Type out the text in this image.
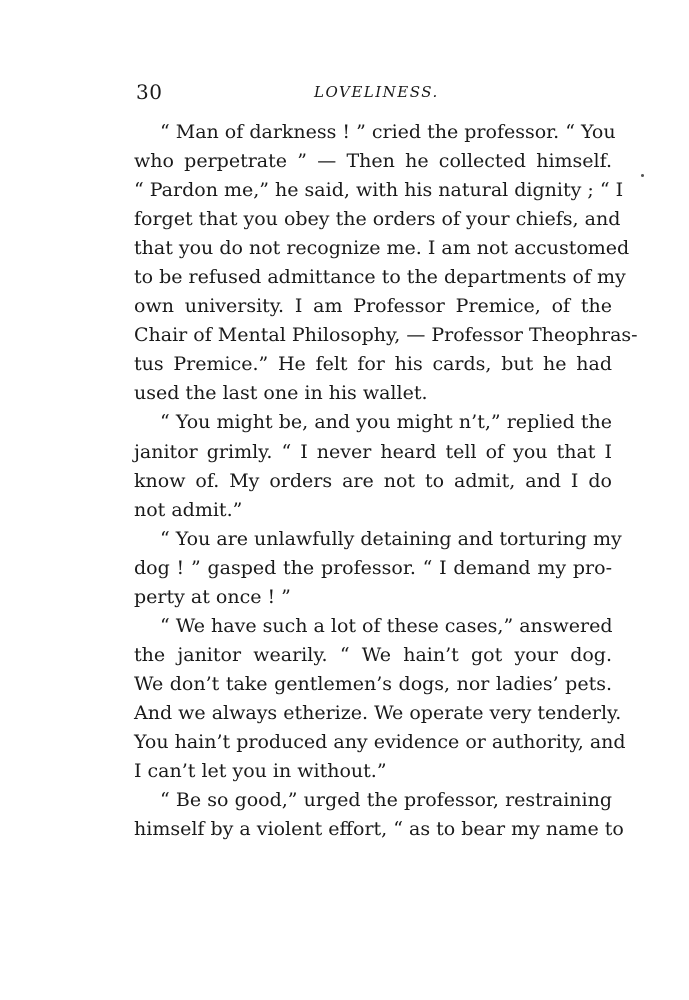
30	LOVELINESS.
“ Man of darkness ! ” cried the professor. “ You
who perpetrate ” — Then he collected himself.
“ Pardon me,” he said, with his natural dignity ; “ I
forget that you obey the orders of your chiefs, and
that you do not recognize me. I am not accustomed
to be refused admittance to the departments of my
own university. I am Professor Premice, of the
Chair of Mental Philosophy, — Professor Theophras-
tus Premice.” He felt for his cards, but he had
used the last one in his wallet.
“ You might be, and you might n’t,” replied the
janitor grimly. “ I never heard tell of you that I
know of. My orders are not to admit, and I do
not admit.”
“ You are unlawfully detaining and torturing my
dog ! ” gasped the professor. “ I demand my pro-
perty at once ! ”
“ We have such a lot of these cases,” answered
the janitor wearily. “ We hain’t got your dog.
We don’t take gentlemen’s dogs, nor ladies’ pets.
And we always etherize. We operate very tenderly.
You hain’t produced any evidence or authority, and
I can’t let you in without.”
“ Be so good,” urged the professor, restraining
himself by a violent effort, “ as to bear my name to
